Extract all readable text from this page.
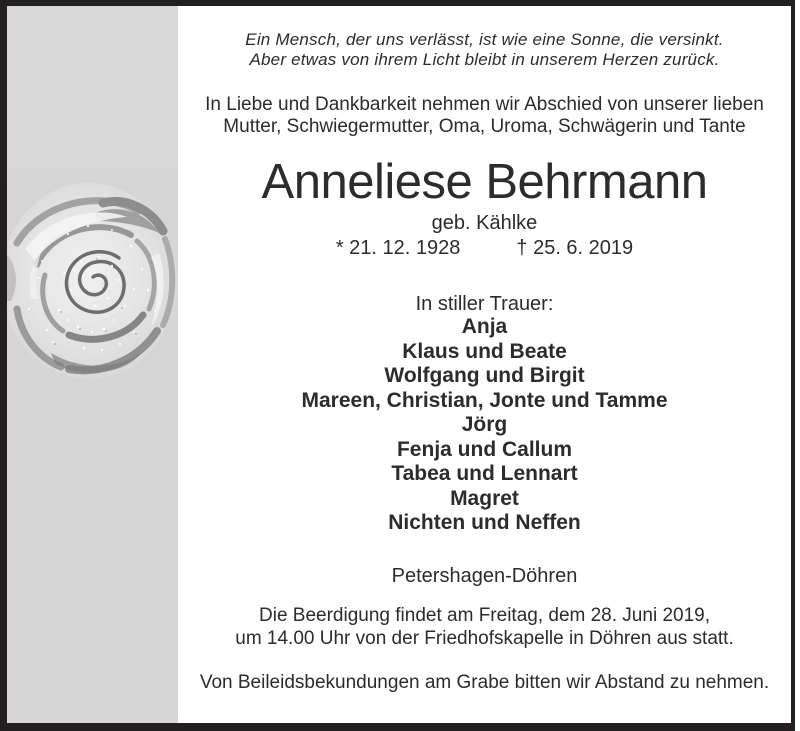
Ein Mensch, der uns verlässt, ist wie eine Sonne, die versinkt.
Aber etwas von ihrem Licht bleibt in unserem Herzen zurück.
In Liebe und Dankbarkeit nehmen wir Abschied von unserer lieben
Mutter, Schwiegermutter, Oma, Uroma, Schwägerin und Tante
Anneliese Behrmann
geb. Kählke
* 21. 12. 1928	† 25. 6. 2019
In stiller Trauer:
Anja
Klaus und Beate
Wolfgang und Birgit
Mareen, Christian, Jonte und Tamme
Jörg
Fenja und Callum
Tabea und Lennart
Magret
Nichten und Neffen
Petershagen-Döhren
Die Beerdigung findet am Freitag, dem 28. Juni 2019,
um 14.00 Uhr von der Friedhofskapelle in Döhren aus statt.
Von Beileidsbekundungen am Grabe bitten wir Abstand zu nehmen.
